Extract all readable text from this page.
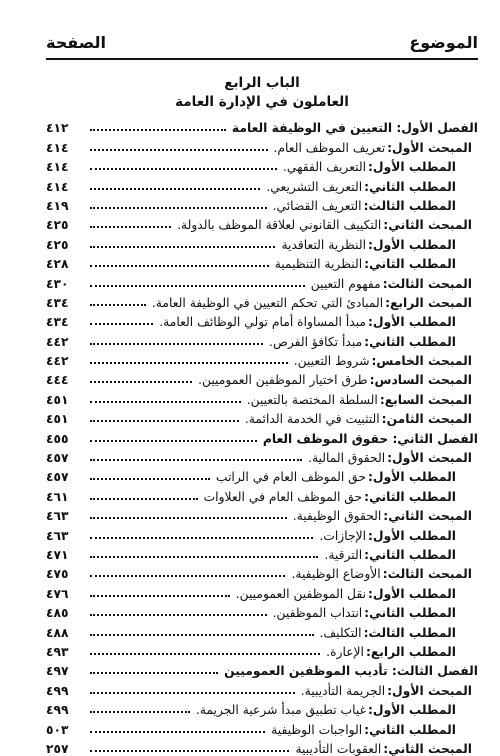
الموضوع
الصفحة
الباب الرابع
العاملون في الإدارة العامة
الفصل الأول: التعيين في الوظيفة العامة
٤١٢
المبحث الأول:
تعريف الموظف العام.
٤١٤
المطلب الأول:
التعريف الفقهي.
٤١٤
المطلب الثاني:
التعريف التشريعي.
٤١٤
المطلب الثالث:
التعريف القضائي.
٤١٩
المبحث الثاني:
التكييف القانوني لعلاقة الموظف بالدولة.
٤٢٥
المطلب الأول:
النظرية التعاقدية
٤٢٥
المطلب الثاني:
النظرية التنظيمية
٤٢٨
المبحث الثالث:
مفهوم التعيين
٤٣٠
المبحث الرابع:
المبادئ التي تحكم التعيين في الوظيفة العامة.
٤٣٤
المطلب الأول:
مبدأ المساواة أمام تولي الوظائف العامة.
٤٣٤
المطلب الثاني:
مبدأ تكافؤ الفرص.
٤٤٢
المبحث الخامس:
شروط التعيين.
٤٤٢
المبحث السادس:
طرق اختيار الموظفين العموميين.
٤٤٤
المبحث السابع:
السلطة المختصة بالتعيين.
٤٥١
المبحث الثامن:
التثبيت في الخدمة الدائمة.
٤٥١
الفصل الثاني: حقوق الموظف العام
٤٥٥
المبحث الأول:
الحقوق المالية.
٤٥٧
المطلب الأول:
حق الموظف العام في الراتب
٤٥٧
المطلب الثاني:
حق الموظف العام في العلاوات
٤٦١
المبحث الثاني:
الحقوق الوظيفية.
٤٦٣
المطلب الأول:
الإجازات.
٤٦٣
المطلب الثاني:
الترقية.
٤٧١
المبحث الثالث:
الأوضاع الوظيفية.
٤٧٥
المطلب الأول:
نقل الموظفين العموميين.
٤٧٦
المطلب الثاني:
انتداب الموظفين.
٤٨٥
المطلب الثالث:
التكليف.
٤٨٨
المطلب الرابع:
الإعارة.
٤٩٣
الفصل الثالث: تأديب الموظفين العموميين
٤٩٧
المبحث الأول:
الجريمة التأديبية.
٤٩٩
المطلب الأول:
غياب تطبيق مبدأ شرعية الجريمة.
٤٩٩
المطلب الثاني:
الواجبات الوظيفية
٥٠٣
المبحث الثاني:
العقوبات التأديبية
٢٥٧
